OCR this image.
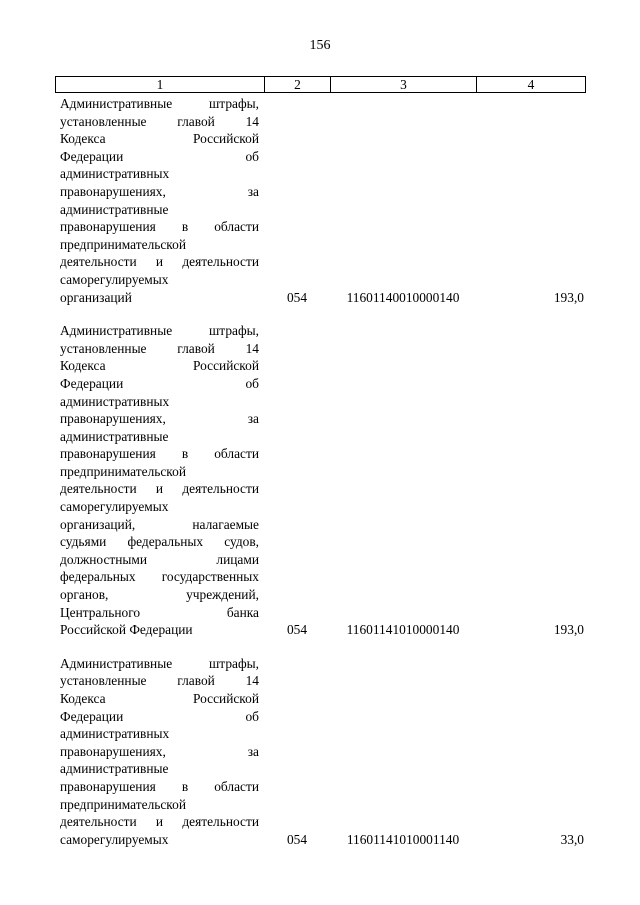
156
1	2	3	4
Административные штрафы,
установленные главой 14
Кодекса Российской
Федерации об
административных
правонарушениях, за
административные
правонарушения в области
предпринимательской
деятельности и деятельности
саморегулируемых
организаций	054	11601140010000140	193,0
Административные штрафы,
установленные главой 14
Кодекса Российской
Федерации об
административных
правонарушениях, за
административные
правонарушения в области
предпринимательской
деятельности и деятельности
саморегулируемых
организаций, налагаемые
судьями федеральных судов,
должностными лицами
федеральных государственных
органов, учреждений,
Центрального банка
Российской Федерации	054	11601141010000140	193,0
Административные штрафы,
установленные главой 14
Кодекса Российской
Федерации об
административных
правонарушениях, за
административные
правонарушения в области
предпринимательской
деятельности и деятельности
саморегулируемых	054	11601141010001140	33,0
